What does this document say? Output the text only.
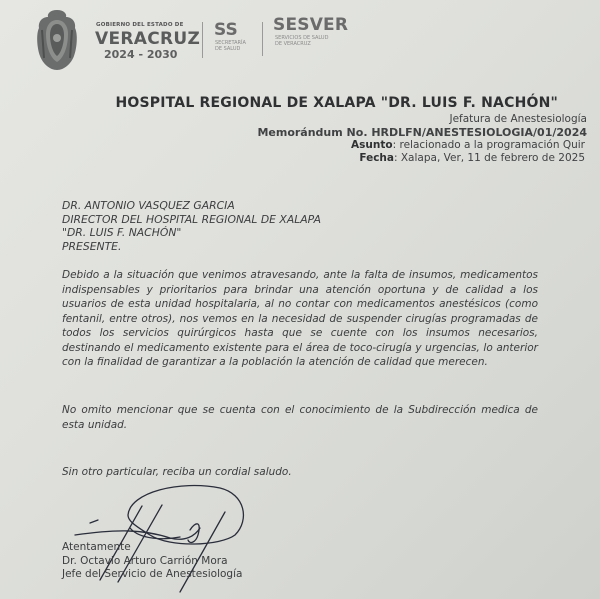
GOBIERNO DEL ESTADO DE
VERACRUZ
2024 - 2030
SS
SECRETARÍA
DE SALUD
SESVER
SERVICIOS DE SALUD
DE VERACRUZ
HOSPITAL REGIONAL DE XALAPA "DR. LUIS F. NACHÓN"
Jefatura de Anestesiología
Memorándum No. HRDLFN/ANESTESIOLOGIA/01/2024
Asunto: relacionado a la programación Quir
Fecha: Xalapa, Ver, 11 de febrero de 2025
DR. ANTONIO VASQUEZ GARCIA
DIRECTOR DEL HOSPITAL REGIONAL DE XALAPA
"DR. LUIS F. NACHÓN"
PRESENTE.
Debido a la situación que venimos atravesando, ante la falta de insumos, medicamentos indispensables y prioritarios para brindar una atención oportuna y de calidad a los usuarios de esta unidad hospitalaria, al no contar con medicamentos anestésicos (como fentanil, entre otros), nos vemos en la necesidad de suspender cirugías programadas de todos los servicios quirúrgicos hasta que se cuente con los insumos necesarios, destinando el medicamento existente para el área de toco-cirugía y urgencias, lo anterior con la finalidad de garantizar a la población la atención de calidad que merecen.
No omito mencionar que se cuenta con el conocimiento de la Subdirección medica de esta unidad.
Sin otro particular, reciba un cordial saludo.
Atentamente
Dr. Octavio Arturo Carrión Mora
Jefe del Servicio de Anestesiología
